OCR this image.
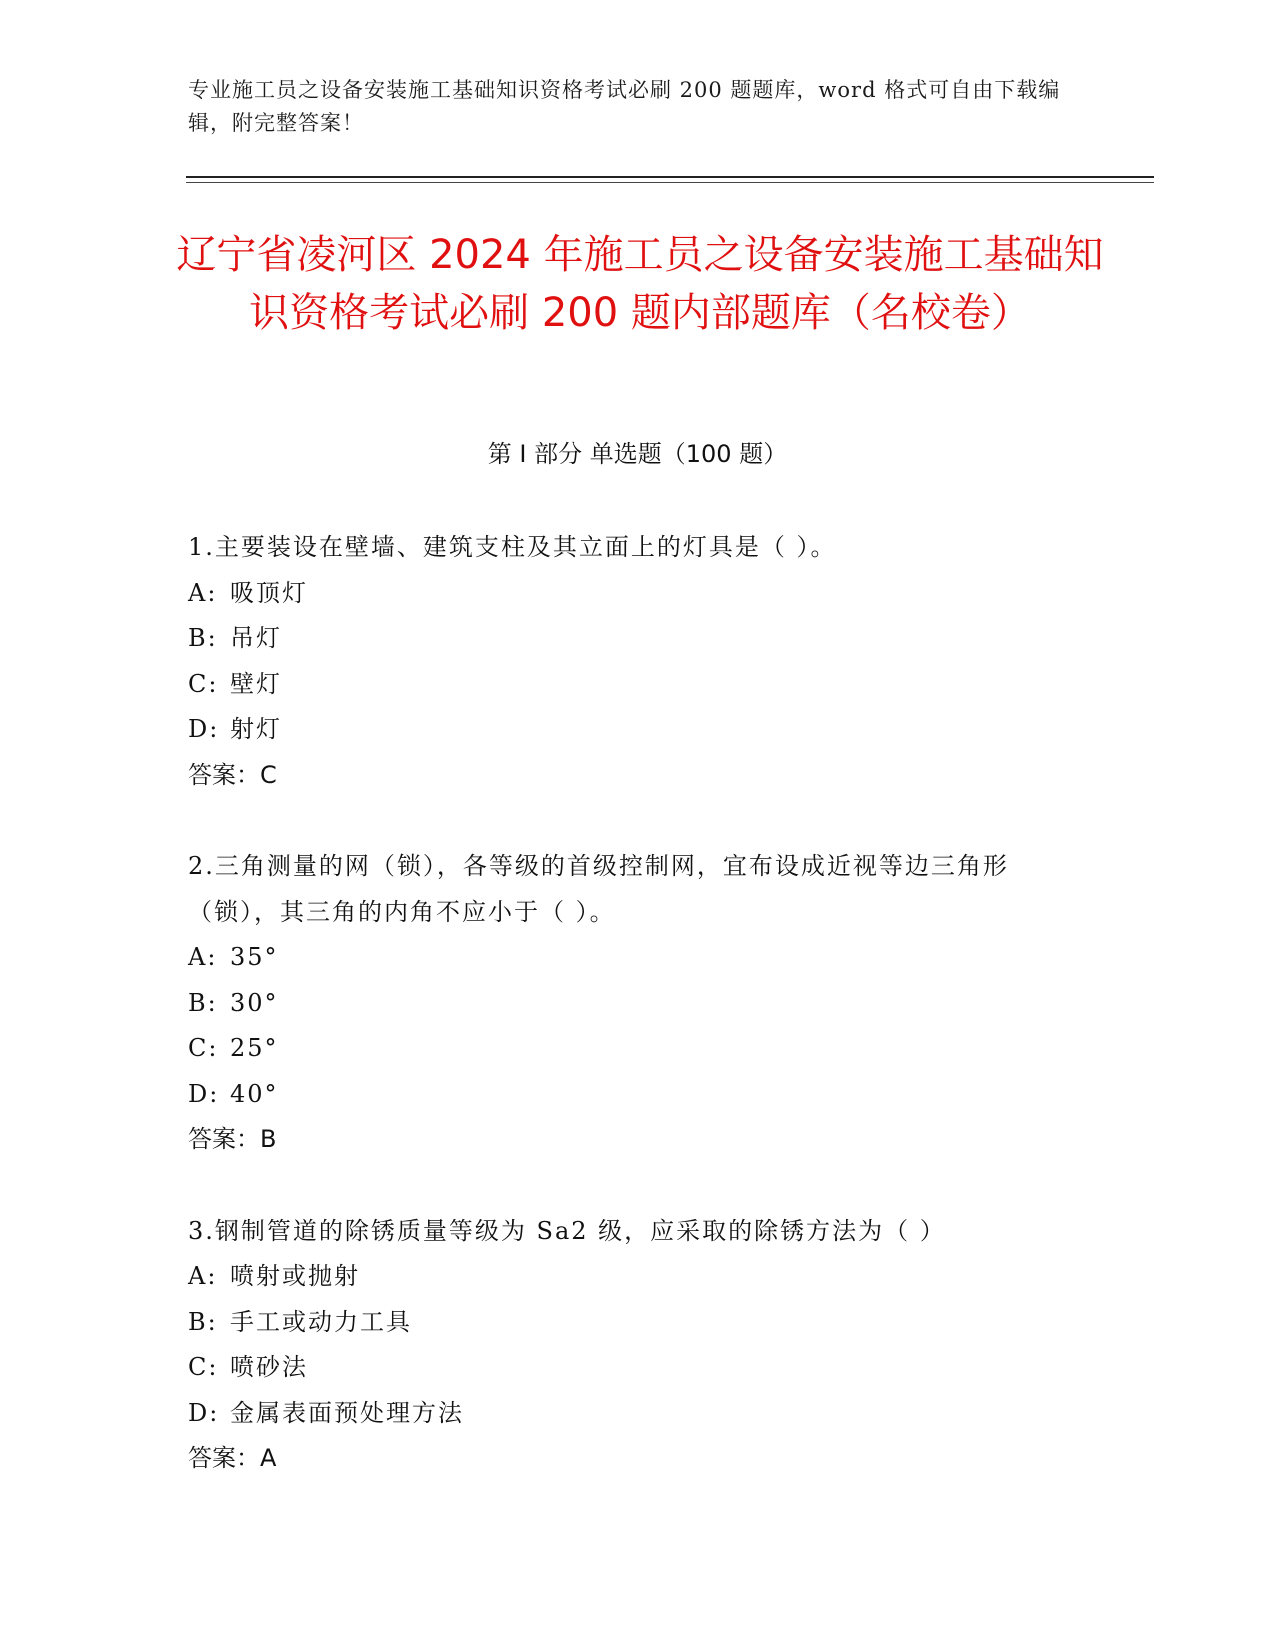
专业施工员之设备安装施工基础知识资格考试必刷 200 题题库，word 格式可自由下载编辑，附完整答案！
辽宁省凌河区 2024 年施工员之设备安装施工基础知识资格考试必刷 200 题内部题库（名校卷）
第 I 部分 单选题（100 题）
1.主要装设在壁墙、建筑支柱及其立面上的灯具是（ ）。
A: 吸顶灯
B: 吊灯
C: 壁灯
D: 射灯
答案：C
2.三角测量的网（锁），各等级的首级控制网，宜布设成近视等边三角形（锁），其三角的内角不应小于（ ）。
A: 35°
B: 30°
C: 25°
D: 40°
答案：B
3.钢制管道的除锈质量等级为 Sa2 级，应采取的除锈方法为（ ）
A: 喷射或抛射
B: 手工或动力工具
C: 喷砂法
D: 金属表面预处理方法
答案：A
